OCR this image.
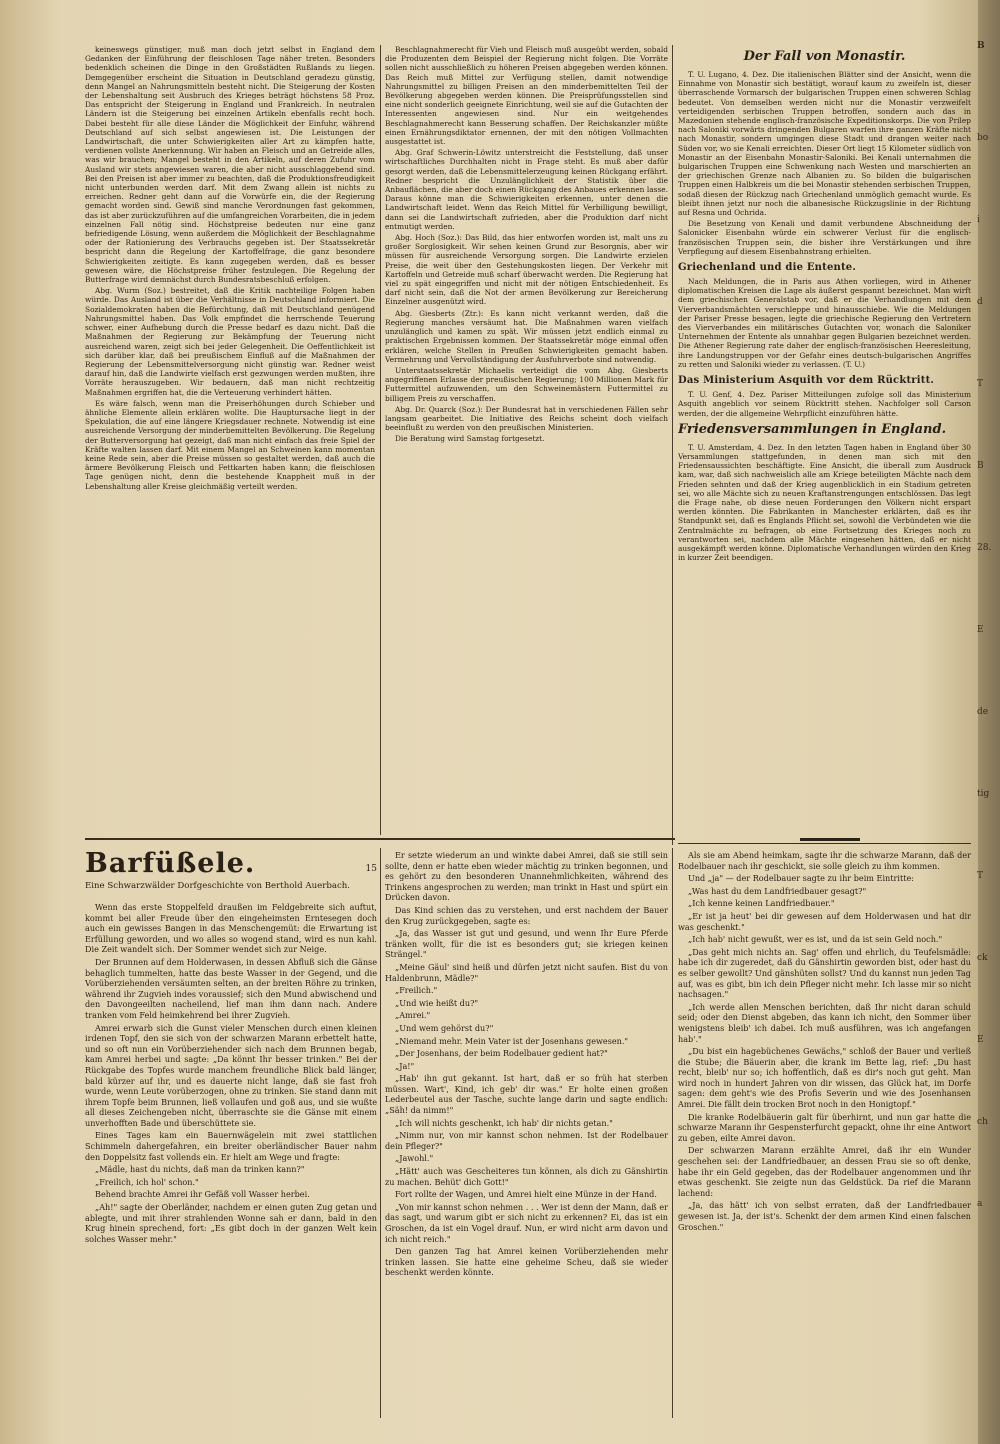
keineswegs günstiger, muß man doch jetzt selbst in England dem Gedanken der Einführung der fleischlosen Tage näher treten. Besonders bedenklich scheinen die Dinge in den Großstädten Rußlands zu liegen. Demgegenüber erscheint die Situation in Deutschland geradezu günstig, denn Mangel an Nahrungsmitteln besteht nicht. Die Steigerung der Kosten der Lebenshaltung seit Ausbruch des Krieges beträgt höchstens 58 Proz. Das entspricht der Steigerung in England und Frankreich. In neutralen Ländern ist die Steigerung bei einzelnen Artikeln ebenfalls recht hoch. Dabei besteht für alle diese Länder die Möglichkeit der Einfuhr, während Deutschland auf sich selbst angewiesen ist. Die Leistungen der Landwirtschaft, die unter Schwierigkeiten aller Art zu kämpfen hatte, verdienen vollste Anerkennung. Wir haben an Fleisch und an Getreide alles, was wir brauchen; Mangel besteht in den Artikeln, auf deren Zufuhr vom Ausland wir stets angewiesen waren, die aber nicht ausschlaggebend sind. Bei den Preisen ist aber immer zu beachten, daß die Produktionsfreudigkeit nicht unterbunden werden darf. Mit dem Zwang allein ist nichts zu erreichen. Redner geht dann auf die Vorwürfe ein, die der Regierung gemacht worden sind. Gewiß sind manche Verordnungen fast gekommen, das ist aber zurückzuführen auf die umfangreichen Vorarbeiten, die in jedem einzelnen Fall nötig sind. Höchstpreise bedeuten nur eine ganz befriedigende Lösung, wenn außerdem die Möglichkeit der Beschlagnahme oder der Rationierung des Verbrauchs gegeben ist. Der Staatssekretär bespricht dann die Regelung der Kartoffelfrage, die ganz besondere Schwierigkeiten zeitigte. Es kann zugegeben werden, daß es besser gewesen wäre, die Höchstpreise früher festzulegen. Die Regelung der Butterfrage wird demnächst durch Bundesratsbeschluß erfolgen.

Abg. Wurm (Soz.) bestreitet, daß die Kritik nachteilige Folgen haben würde. Das Ausland ist über die Verhältnisse in Deutschland informiert. Die Sozialdemokraten haben die Befürchtung, daß mit Deutschland genügend Nahrungsmittel haben. Das Volk empfindet die herrschende Teuerung schwer, einer Aufhebung durch die Presse bedarf es dazu nicht. Daß die Maßnahmen der Regierung zur Bekämpfung der Teuerung nicht ausreichend waren, zeigt sich bei jeder Gelegenheit. Die Oeffentlichkeit ist sich darüber klar, daß bei preußischem Einfluß auf die Maßnahmen der Regierung der Lebensmittelversorgung nicht günstig war. Redner weist darauf hin, daß die Landwirte vielfach erst gezwungen werden mußten, ihre Vorräte herauszugeben. Wir bedauern, daß man nicht rechtzeitig Maßnahmen ergriffen hat, die die Verteuerung verhindert hätten.

Es wäre falsch, wenn man die Preiserhöhungen durch Schieber und ähnliche Elemente allein erklären wollte. Die Hauptursache liegt in der Spekulation, die auf eine längere Kriegsdauer rechnete. Notwendig ist eine ausreichende Versorgung der minderbemittelten Bevölkerung. Die Regelung der Butterversorgung hat gezeigt, daß man nicht einfach das freie Spiel der Kräfte walten lassen darf. Mit einem Mangel an Schweinen kann momentan keine Rede sein, aber die Preise müssen so gestaltet werden, daß auch die ärmere Bevölkerung Fleisch und Fettkarten haben kann; die fleischlosen Tage genügen nicht, denn die bestehende Knappheit muß in der Lebenshaltung aller Kreise gleichmäßig verteilt werden.

Beschlagnahmerecht für Vieh und Fleisch muß ausgeübt werden, sobald die Produzenten dem Beispiel der Regierung nicht folgen. Die Vorräte sollen nicht ausschließlich zu höheren Preisen abgegeben werden können. Das Reich muß Mittel zur Verfügung stellen, damit notwendige Nahrungsmittel zu billigen Preisen an den minderbemittelten Teil der Bevölkerung abgegeben werden können. Die Preisprüfungsstellen sind eine nicht sonderlich geeignete Einrichtung, weil sie auf die Gutachten der Interessenten angewiesen sind. Nur ein weitgehendes Beschlagnahmerecht kann Besserung schaffen. Der Reichskanzler müßte einen Ernährungsdiktator ernennen, der mit den nötigen Vollmachten ausgestattet ist.

Abg. Graf Schwerin-Löwitz unterstreicht die Feststellung, daß unser wirtschaftliches Durchhalten nicht in Frage steht. Es muß aber dafür gesorgt werden, daß die Lebensmittelerzeugung keinen Rückgang erfährt. Redner bespricht die Unzulänglichkeit der Statistik über die Anbauflächen, die aber doch einen Rückgang des Anbaues erkennen lasse. Daraus könne man die Schwierigkeiten erkennen, unter denen die Landwirtschaft leidet. Wenn das Reich Mittel für Verbilligung bewilligt, dann sei die Landwirtschaft zufrieden, aber die Produktion darf nicht entmutigt werden.

Abg. Hoch (Soz.): Das Bild, das hier entworfen worden ist, malt uns zu großer Sorglosigkeit. Wir sehen keinen Grund zur Besorgnis, aber wir müssen für ausreichende Versorgung sorgen. Die Landwirte erzielen Preise, die weit über den Gestehungskosten liegen. Der Verkehr mit Kartoffeln und Getreide muß scharf überwacht werden. Die Regierung hat viel zu spät eingegriffen und nicht mit der nötigen Entschiedenheit. Es darf nicht sein, daß die Not der armen Bevölkerung zur Bereicherung Einzelner ausgenützt wird.

Abg. Giesberts (Ztr.): Es kann nicht verkannt werden, daß die Regierung manches versäumt hat. Die Maßnahmen waren vielfach unzulänglich und kamen zu spät. Wir müssen jetzt endlich einmal zu praktischen Ergebnissen kommen. Der Staatssekretär möge einmal offen erklären, welche Stellen in Preußen Schwierigkeiten gemacht haben. Vermehrung und Vervollständigung der Ausfuhrverbote sind notwendig.

Unterstaatssekretär Michaelis verteidigt die vom Abg. Giesberts angegriffenen Erlasse der preußischen Regierung; 100 Millionen Mark für Futtermittel aufzuwenden, um den Schweinemästern Futtermittel zu billigem Preis zu verschaffen.

Abg. Dr. Quarck (Soz.): Der Bundesrat hat in verschiedenen Fällen sehr langsam gearbeitet. Die Initiative des Reichs scheint doch vielfach beeinflußt zu werden von den preußischen Ministerien.

Die Beratung wird Samstag fortgesetzt.

Der Fall von Monastir.

T. U. Lugano, 4. Dez. Die italienischen Blätter sind der Ansicht, wenn die Einnahme von Monastir sich bestätigt, worauf kaum zu zweifeln ist, dieser überraschende Vormarsch der bulgarischen Truppen einen schweren Schlag bedeutet. Von demselben werden nicht nur die Monastir verzweifelt verteidigenden serbischen Truppen betroffen, sondern auch das in Mazedonien stehende englisch-französische Expeditionskorps. Die von Prilep nach Saloniki vorwärts dringenden Bulgaren warfen ihre ganzen Kräfte nicht nach Monastir, sondern umgingen diese Stadt und drangen weiter nach Süden vor, wo sie Kenali erreichten. Dieser Ort liegt 15 Kilometer südlich von Monastir an der Eisenbahn Monastir-Saloniki. Bei Kenali unternahmen die bulgarischen Truppen eine Schwenkung nach Westen und marschierten an der griechischen Grenze nach Albanien zu. So bilden die bulgarischen Truppen einen Halbkreis um die bei Monastir stehenden serbischen Truppen, sodaß diesen der Rückzug nach Griechenland unmöglich gemacht wurde. Es bleibt ihnen jetzt nur noch die albanesische Rückzugslinie in der Richtung auf Resna und Ochrida.

Die Besetzung von Kenali und damit verbundene Abschneidung der Salonicker Eisenbahn würde ein schwerer Verlust für die englisch-französischen Truppen sein, die bisher ihre Verstärkungen und ihre Verpflegung auf diesem Eisenbahnstrang erhielten.

Griechenland und die Entente.

Nach Meldungen, die in Paris aus Athen vorliegen, wird in Athener diplomatischen Kreisen die Lage als äußerst gespannt bezeichnet. Man wirft dem griechischen Generalstab vor, daß er die Verhandlungen mit dem Vierverbandsmächten verschleppe und hinausschiebe. Wie die Meldungen der Pariser Presse besagen, legte die griechische Regierung den Vertretern des Vierverbandes ein militärisches Gutachten vor, wonach die Saloniker Unternehmen der Entente als unnahbar gegen Bulgarien bezeichnet werden. Die Athener Regierung rate daher der englisch-französischen Heeresleitung, ihre Landungstruppen vor der Gefahr eines deutsch-bulgarischen Angriffes zu retten und Saloniki wieder zu verlassen. (T. U.)

Das Ministerium Asquith vor dem Rücktritt.

T. U. Genf, 4. Dez. Pariser Mitteilungen zufolge soll das Ministerium Asquith angeblich vor seinem Rücktritt stehen. Nachfolger soll Carson werden, der die allgemeine Wehrpflicht einzuführen hätte.

Friedensversammlungen in England.

T. U. Amsterdam, 4. Dez. In den letzten Tagen haben in England über 30 Versammlungen stattgefunden, in denen man sich mit den Friedensaussichten beschäftigte. Eine Ansicht, die überall zum Ausdruck kam, war, daß sich nachweislich alle am Kriege beteiligten Mächte nach dem Frieden sehnten und daß der Krieg augenblicklich in ein Stadium getreten sei, wo alle Mächte sich zu neuen Kraftanstrengungen entschlössen. Das legt die Frage nahe, ob diese neuen Forderungen den Völkern nicht erspart werden könnten. Die Fabrikanten in Manchester erklärten, daß es ihr Standpunkt sei, daß es Englands Pflicht sei, sowohl die Verbündeten wie die Zentralmächte zu befragen, ob eine Fortsetzung des Krieges noch zu verantworten sei, nachdem alle Mächte eingesehen hätten, daß er nicht ausgekämpft werden könne. Diplomatische Verhandlungen würden den Krieg in kurzer Zeit beendigen.

Barfüßele.	15
Eine Schwarzwälder Dorfgeschichte von Berthold Auerbach.

Wenn das erste Stoppelfeld draußen im Feldgebreite sich auftut, kommt bei aller Freude über den eingeheimsten Erntesegen doch auch ein gewisses Bangen in das Menschengemüt: die Erwartung ist Erfüllung geworden, und wo alles so wogend stand, wird es nun kahl. Die Zeit wandelt sich. Der Sommer wendet sich zur Neige.

Der Brunnen auf dem Holderwasen, in dessen Abfluß sich die Gänse behaglich tummelten, hatte das beste Wasser in der Gegend, und die Vorüberziehenden versäumten selten, an der breiten Röhre zu trinken, während ihr Zugvieh indes voraussief; sich den Mund abwischend und den Davongeeilten nacheilend, lief man ihm dann nach. Andere tranken vom Feld heimkehrend bei ihrer Zugvieh.

Amrei erwarb sich die Gunst vieler Menschen durch einen kleinen irdenen Topf, den sie sich von der schwarzen Marann erbettelt hatte, und so oft nun ein Vorüberziehender sich nach dem Brunnen begab, kam Amrei herbei und sagte: „Da könnt Ihr besser trinken." Bei der Rückgabe des Topfes wurde manchem freundliche Blick bald länger, bald kürzer auf ihr, und es dauerte nicht lange, daß sie fast froh wurde, wenn Leute vorüberzogen, ohne zu trinken. Sie stand dann mit ihrem Topfe beim Brunnen, ließ vollaufen und goß aus, und sie wußte all dieses Zeichengeben nicht, überraschte sie die Gänse mit einem unverhofften Bade und überschüttete sie.

Eines Tages kam ein Bauernwägelein mit zwei stattlichen Schimmeln dahergefahren, ein breiter oberländischer Bauer nahm den Doppelsitz fast vollends ein. Er hielt am Wege und fragte:

„Mädle, hast du nichts, daß man da trinken kann?"

„Freilich, ich hol' schon."

Behend brachte Amrei ihr Gefäß voll Wasser herbei.

„Ah!" sagte der Oberländer, nachdem er einen guten Zug getan und ablegte, und mit ihrer strahlenden Wonne sah er dann, bald in den Krug hinein sprechend, fort: „Es gibt doch in der ganzen Welt kein solches Wasser mehr."

Er setzte wiederum an und winkte dabei Amrei, daß sie still sein sollte, denn er hatte eben wieder mächtig zu trinken begonnen, und es gehört zu den besonderen Unannehmlichkeiten, während des Trinkens angesprochen zu werden; man trinkt in Hast und spürt ein Drücken davon.

Das Kind schien das zu verstehen, und erst nachdem der Bauer den Krug zurückgegeben, sagte es:

„Ja, das Wasser ist gut und gesund, und wenn Ihr Eure Pferde tränken wollt, für die ist es besonders gut; sie kriegen keinen Strängel."

„Meine Gäul' sind heiß und dürfen jetzt nicht saufen. Bist du von Haldenbrunn, Mädle?"

„Freilich."

„Und wie heißt du?"

„Amrei."

„Und wem gehörst du?"

„Niemand mehr. Mein Vater ist der Josenhans gewesen."

„Der Josenhans, der beim Rodelbauer gedient hat?"

„Ja!"

„Hab' ihn gut gekannt. Ist hart, daß er so früh hat sterben müssen. Wart', Kind, ich geb' dir was." Er holte einen großen Lederbeutel aus der Tasche, suchte lange darin und sagte endlich: „Säh! da nimm!"

„Ich will nichts geschenkt, ich hab' dir nichts getan."

„Nimm nur, von mir kannst schon nehmen. Ist der Rodelbauer dein Pfleger?"

„Jawohl."

„Hätt' auch was Gescheiteres tun können, als dich zu Gänshirtin zu machen. Behüt' dich Gott!"

Fort rollte der Wagen, und Amrei hielt eine Münze in der Hand.

„Von mir kannst schon nehmen . . . Wer ist denn der Mann, daß er das sagt, und warum gibt er sich nicht zu erkennen? Ei, das ist ein Groschen, da ist ein Vogel drauf. Nun, er wird nicht arm davon und ich nicht reich."

Den ganzen Tag hat Amrei keinen Vorüberziehenden mehr trinken lassen. Sie hatte eine geheime Scheu, daß sie wieder beschenkt werden könnte.

Als sie am Abend heimkam, sagte ihr die schwarze Marann, daß der Rodelbauer nach ihr geschickt, sie solle gleich zu ihm kommen.

Und „ja" — der Rodelbauer sagte zu ihr beim Eintritte:

„Was hast du dem Landfriedbauer gesagt?"

„Ich kenne keinen Landfriedbauer."

„Er ist ja heut' bei dir gewesen auf dem Holderwasen und hat dir was geschenkt."

„Ich hab' nicht gewußt, wer es ist, und da ist sein Geld noch."

„Das geht mich nichts an. Sag' offen und ehrlich, du Teufelsmädle: habe ich dir zugeredet, daß du Gänshirtin geworden bist, oder hast du es selber gewollt? Und gänshüten sollst? Und du kannst nun jeden Tag auf, was es gibt, bin ich dein Pfleger nicht mehr. Ich lasse mir so nicht nachsagen."

„Ich werde allen Menschen berichten, daß Ihr nicht daran schuld seid; oder den Dienst abgeben, das kann ich nicht, den Sommer über wenigstens bleib' ich dabei. Ich muß ausführen, was ich angefangen hab'."

„Du bist ein hagebüchenes Gewächs," schloß der Bauer und verließ die Stube; die Bäuerin aber, die krank im Bette lag, rief: „Du hast recht, bleib' nur so; ich hoffentlich, daß es dir's noch gut geht. Man wird noch in hundert Jahren von dir wissen, das Glück hat, im Dorfe sagen: dem geht's wie des Profis Severin und wie des Josenhansen Amrei. Die fällt dein trocken Brot noch in den Honigtopf."

Die kranke Rodelbäuerin galt für überhirnt, und nun gar hatte die schwarze Marann ihr Gespensterfurcht gepackt, ohne ihr eine Antwort zu geben, eilte Amrei davon.

Der schwarzen Marann erzählte Amrei, daß ihr ein Wunder geschehen sei: der Landfriedbauer, an dessen Frau sie so oft denke, habe ihr ein Geld gegeben, das der Rodelbauer angenommen und ihr etwas geschenkt. Sie zeigte nun das Geldstück. Da rief die Marann lachend:

„Ja, das hätt' ich von selbst erraten, daß der Landfriedbauer gewesen ist. Ja, der ist's. Schenkt der dem armen Kind einen falschen Groschen."

B
bo
i
d
T
B
28.
E
de
tig
T
ck
E
ch
a
